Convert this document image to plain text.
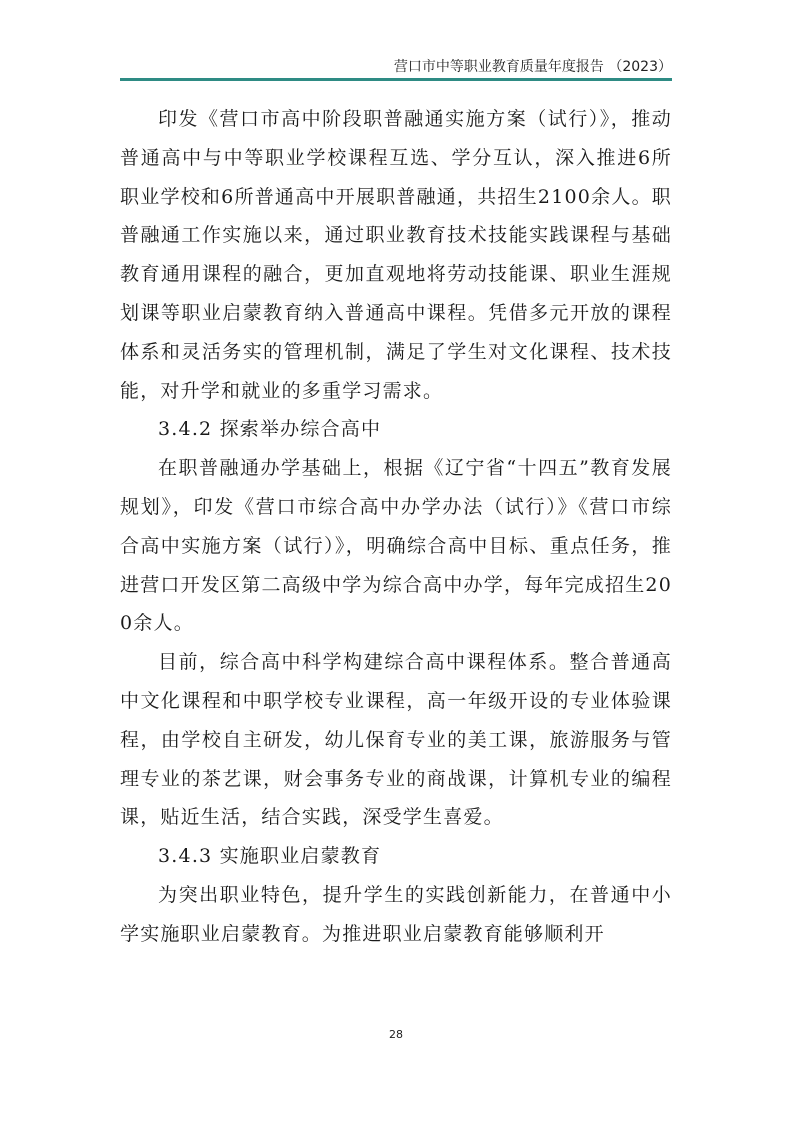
营口市中等职业教育质量年度报告 （2023）

印发《营口市高中阶段职普融通实施方案（试行）》，推动普通高中与中等职业学校课程互选、学分互认，深入推进6所职业学校和6所普通高中开展职普融通，共招生2100余人。职普融通工作实施以来，通过职业教育技术技能实践课程与基础教育通用课程的融合，更加直观地将劳动技能课、职业生涯规划课等职业启蒙教育纳入普通高中课程。凭借多元开放的课程体系和灵活务实的管理机制，满足了学生对文化课程、技术技能，对升学和就业的多重学习需求。

3.4.2 探索举办综合高中

在职普融通办学基础上，根据《辽宁省“十四五”教育发展规划》，印发《营口市综合高中办学办法（试行）》《营口市综合高中实施方案（试行）》，明确综合高中目标、重点任务，推进营口开发区第二高级中学为综合高中办学，每年完成招生200余人。

目前，综合高中科学构建综合高中课程体系。整合普通高中文化课程和中职学校专业课程，高一年级开设的专业体验课程，由学校自主研发，幼儿保育专业的美工课，旅游服务与管理专业的茶艺课，财会事务专业的商战课，计算机专业的编程课，贴近生活，结合实践，深受学生喜爱。

3.4.3 实施职业启蒙教育

为突出职业特色，提升学生的实践创新能力，在普通中小学实施职业启蒙教育。为推进职业启蒙教育能够顺利开

28
